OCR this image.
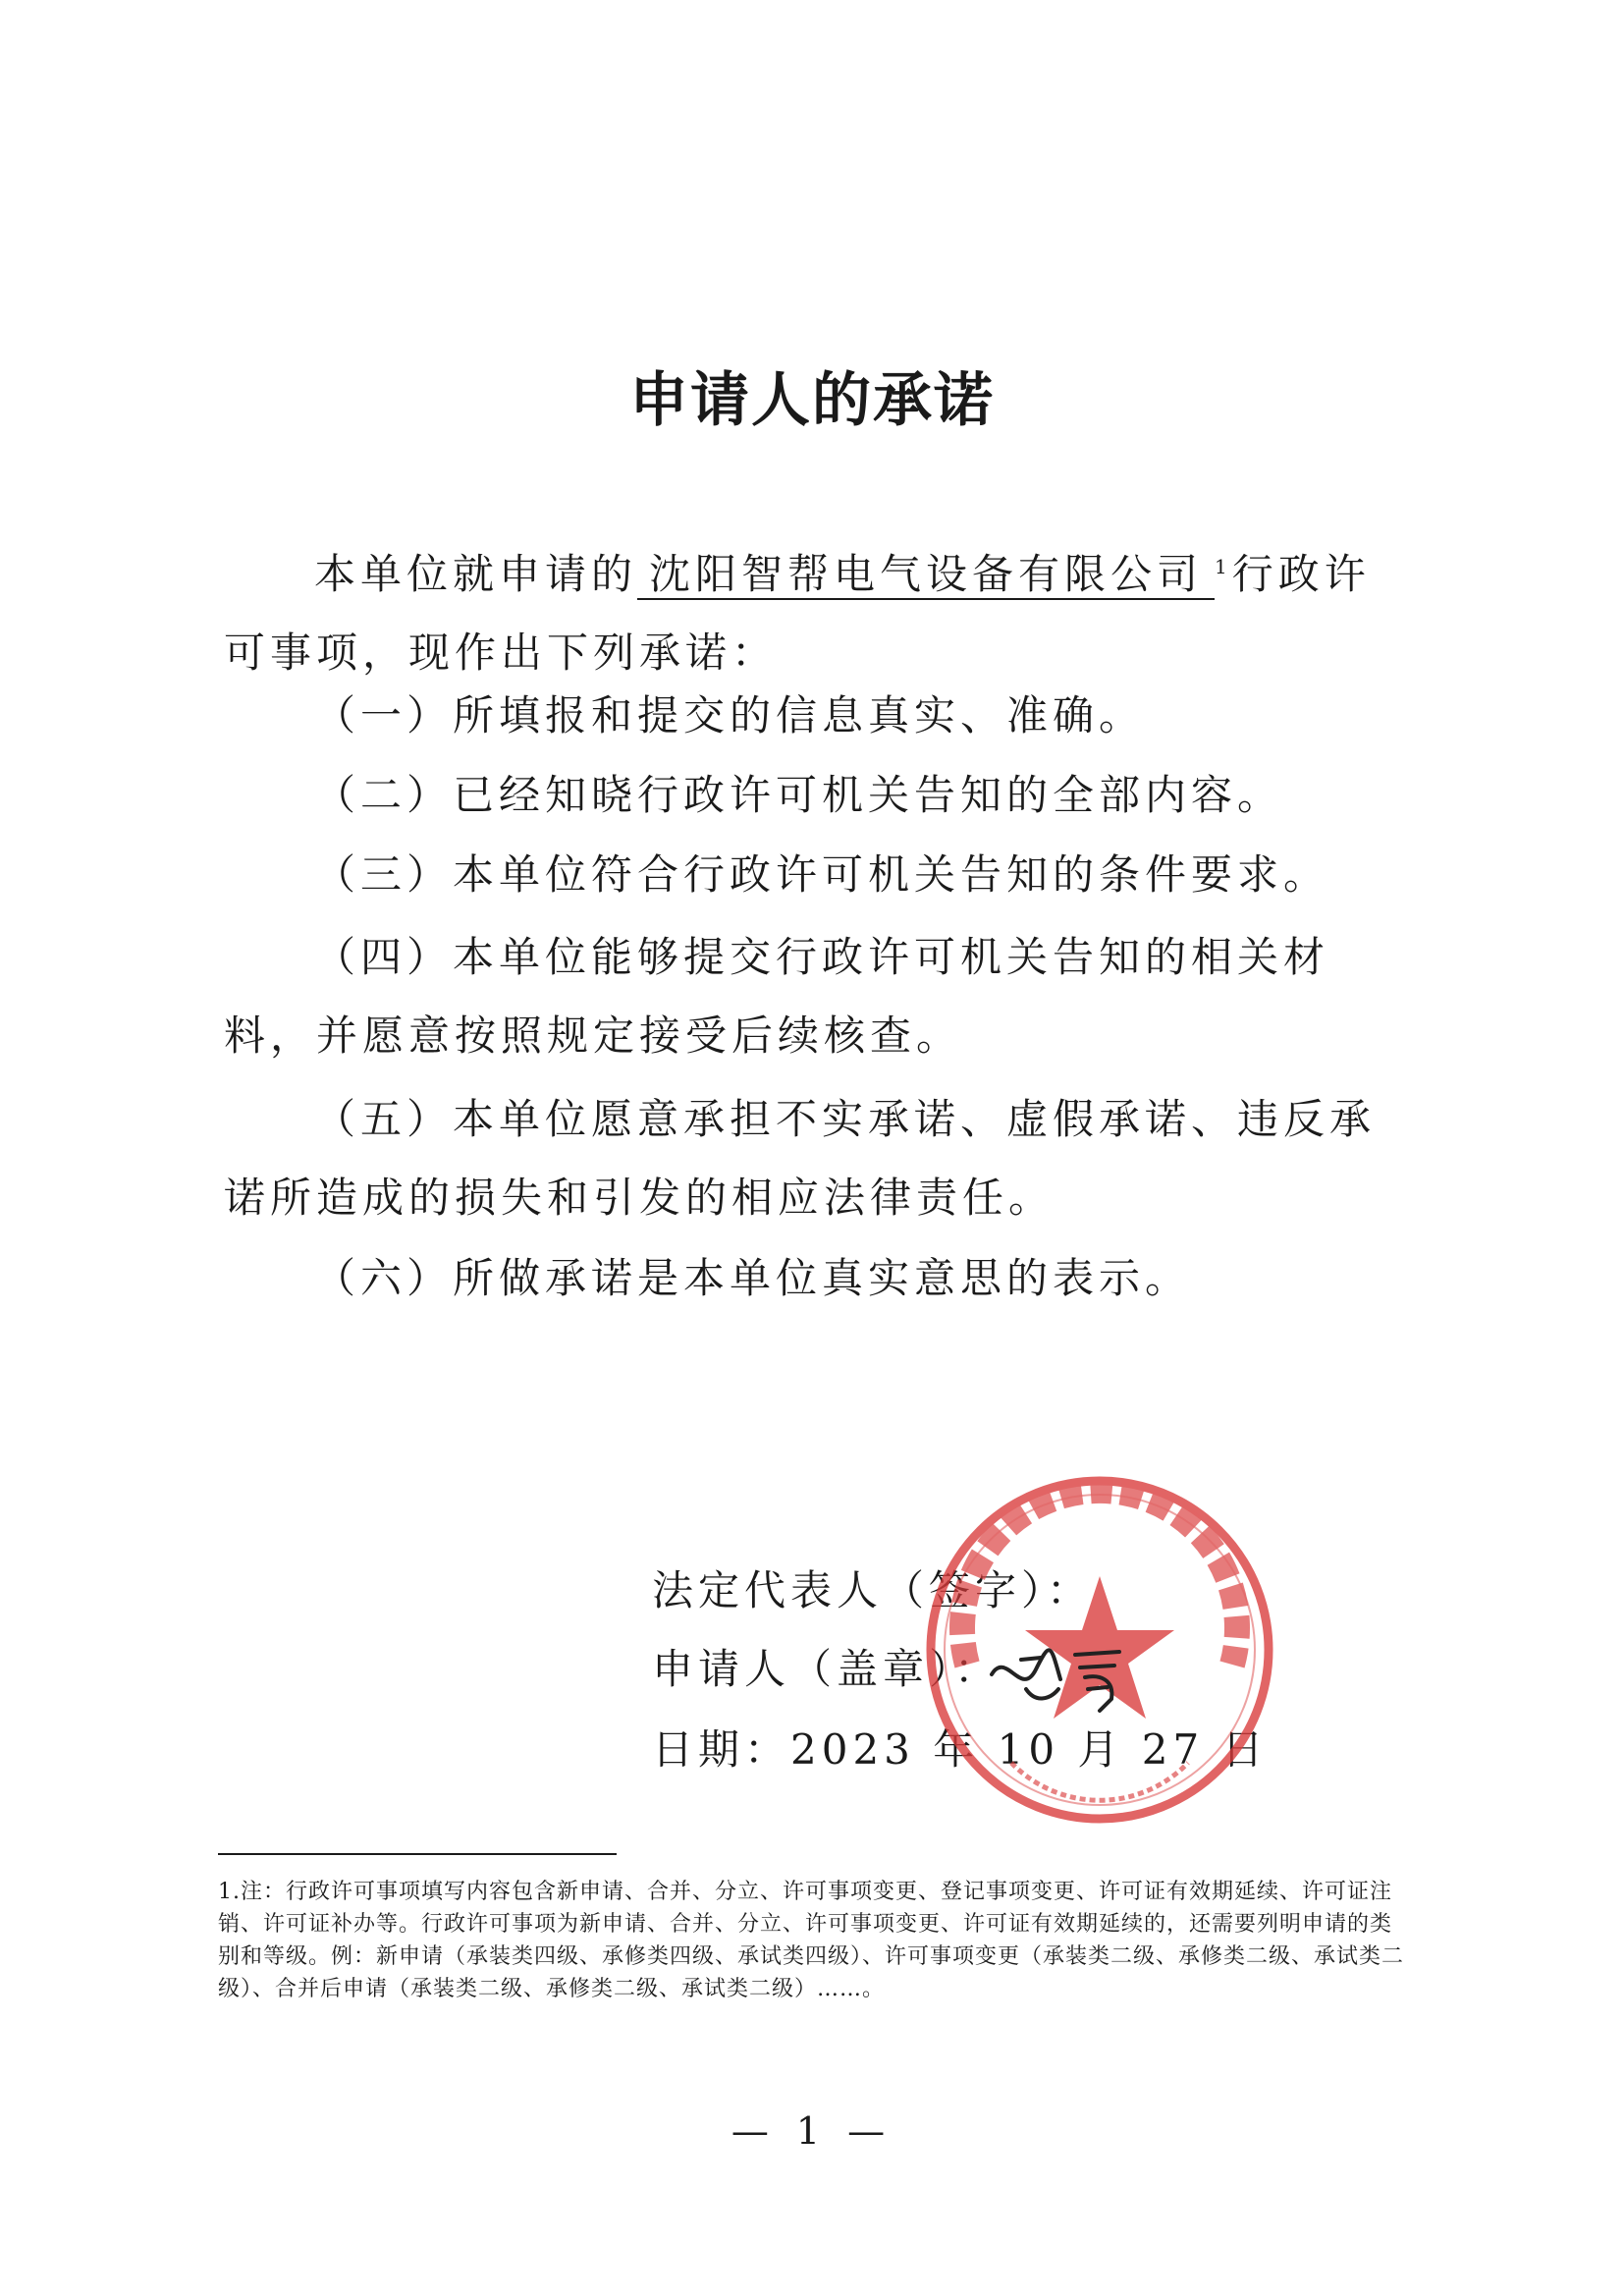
申请人的承诺
本单位就申请的 沈阳智帮电气设备有限公司 $^1$行政许可事项，现作出下列承诺：
（一）所填报和提交的信息真实、准确。
（二）已经知晓行政许可机关告知的全部内容。
（三）本单位符合行政许可机关告知的条件要求。
（四）本单位能够提交行政许可机关告知的相关材料，并愿意按照规定接受后续核查。
（五）本单位愿意承担不实承诺、虚假承诺、违反承诺所造成的损失和引发的相应法律责任。
（六）所做承诺是本单位真实意思的表示。
法定代表人（签字）：
申请人（盖章）：
日期：2023 年 10 月 27 日
1.注：行政许可事项填写内容包含新申请、合并、分立、许可事项变更、登记事项变更、许可证有效期延续、许可证注销、许可证补办等。行政许可事项为新申请、合并、分立、许可事项变更、许可证有效期延续的，还需要列明申请的类别和等级。例：新申请（承装类四级、承修类四级、承试类四级）、许可事项变更（承装类二级、承修类二级、承试类二级）、合并后申请（承装类二级、承修类二级、承试类二级）……。
— 1 —
